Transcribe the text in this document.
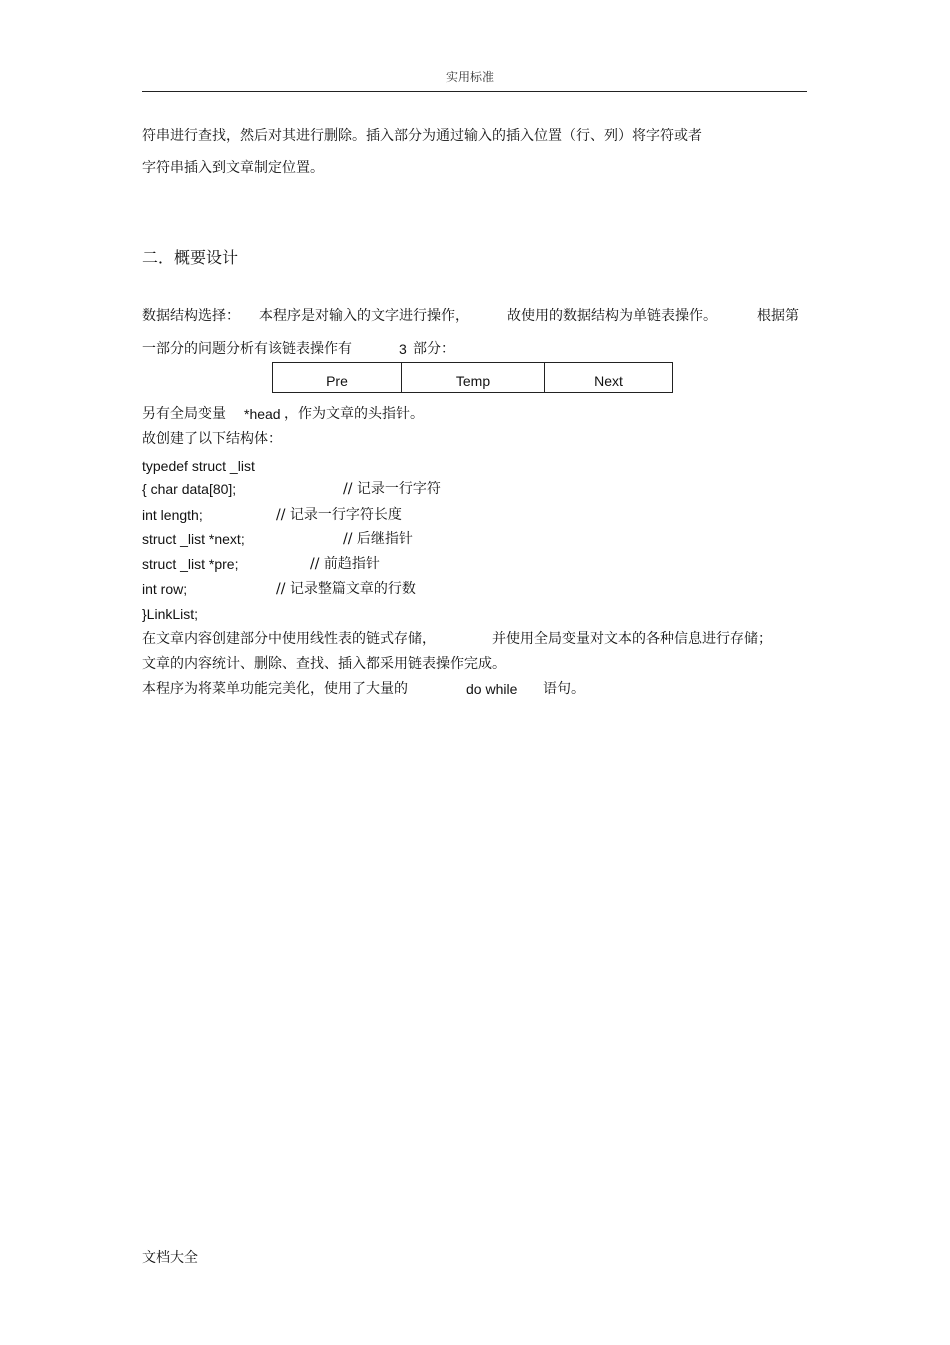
实用标准
符串进行查找，然后对其进行删除。插入部分为通过输入的插入位置（行、列）将字符或者
字符串插入到文章制定位置。
二．概要设计
数据结构选择： 本程序是对输入的文字进行操作，	故使用的数据结构为单链表操作。	根据第
一部分的问题分析有该链表操作有	3 部分：
Pre	Temp	Next
另有全局变量 *head ，作为文章的头指针。
故创建了以下结构体：
typedef struct _list
{ char data[80];	// 记录一行字符
int length;	// 记录一行字符长度
struct _list *next;	// 后继指针
struct _list *pre;	// 前趋指针
int row;	// 记录整篇文章的行数
}LinkList;
在文章内容创建部分中使用线性表的链式存储，	并使用全局变量对文本的各种信息进行存储；
文章的内容统计、删除、查找、插入都采用链表操作完成。
本程序为将菜单功能完美化，使用了大量的	do while 语句。
文档大全
